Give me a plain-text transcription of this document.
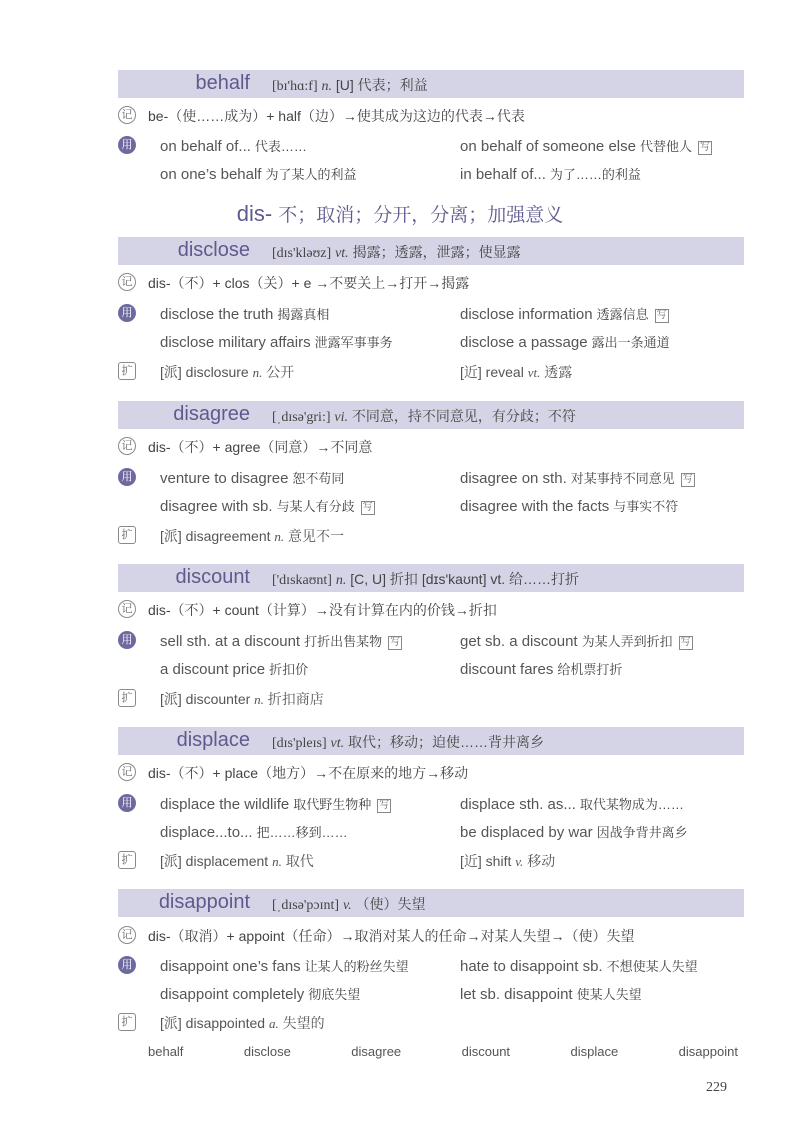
behalf [bɪ'hɑ:f] n. [U] 代表；利益
记 be-（使……成为）+ half（边）→使其成为这边的代表→代表
用 on behalf of... 代表……	on behalf of someone else 代替他人 写
on one’s behalf 为了某人的利益	in behalf of... 为了……的利益
dis- 不；取消；分开，分离；加强意义
disclose [dɪs'kləʊz] vt. 揭露；透露，泄露；使显露
记 dis-（不）+ clos（关）+ e →不要关上→打开→揭露
用 disclose the truth 揭露真相	disclose information 透露信息 写
disclose military affairs 泄露军事事务	disclose a passage 露出一条通道
扩 [派] disclosure n. 公开	[近] reveal vt. 透露
disagree [ˌdɪsə'gri:] vi. 不同意，持不同意见，有分歧；不符
记 dis-（不）+ agree（同意）→不同意
用 venture to disagree 恕不苟同	disagree on sth. 对某事持不同意见 写
disagree with sb. 与某人有分歧 写	disagree with the facts 与事实不符
扩 [派] disagreement n. 意见不一
discount ['dɪskaʊnt] n. [C, U] 折扣 [dɪs'kaʊnt] vt. 给……打折
记 dis-（不）+ count（计算）→没有计算在内的价钱→折扣
用 sell sth. at a discount 打折出售某物 写	get sb. a discount 为某人弄到折扣 写
a discount price 折扣价	discount fares 给机票打折
扩 [派] discounter n. 折扣商店
displace [dɪs'pleɪs] vt. 取代；移动；迫使……背井离乡
记 dis-（不）+ place（地方）→不在原来的地方→移动
用 displace the wildlife 取代野生物种 写	displace sth. as... 取代某物成为……
displace...to... 把……移到……	be displaced by war 因战争背井离乡
扩 [派] displacement n. 取代	[近] shift v. 移动
disappoint [ˌdɪsə'pɔɪnt] v. （使）失望
记 dis-（取消）+ appoint（任命）→取消对某人的任命→对某人失望→（使）失望
用 disappoint one’s fans 让某人的粉丝失望	hate to disappoint sb. 不想使某人失望
disappoint completely 彻底失望	let sb. disappoint 使某人失望
扩 [派] disappointed a. 失望的
behalf	disclose	disagree	discount	displace	disappoint
229
